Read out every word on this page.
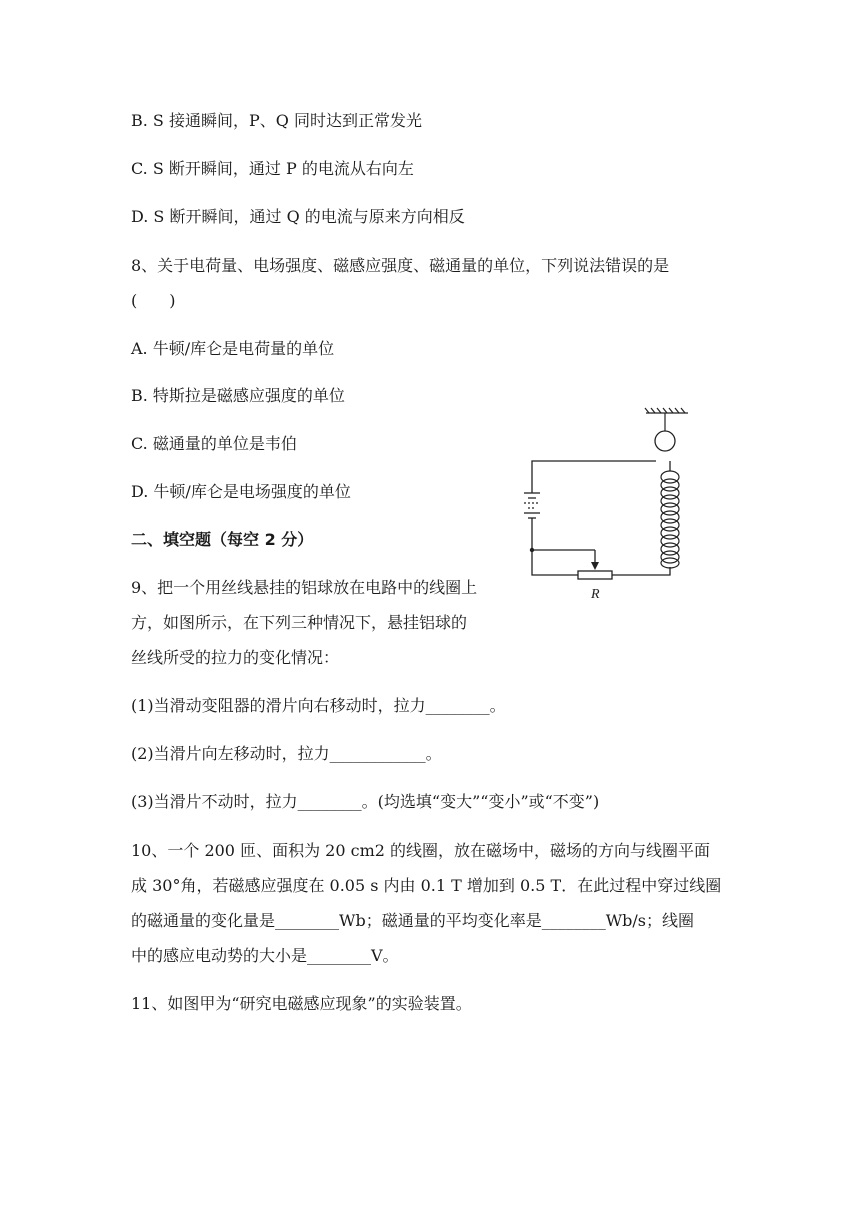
B. S 接通瞬间，P、Q 同时达到正常发光
C. S 断开瞬间，通过 P 的电流从右向左
D. S 断开瞬间，通过 Q 的电流与原来方向相反
8、关于电荷量、电场强度、磁感应强度、磁通量的单位，下列说法错误的是
(　　)
A. 牛顿/库仑是电荷量的单位
B. 特斯拉是磁感应强度的单位
C. 磁通量的单位是韦伯
D. 牛顿/库仑是电场强度的单位
二、填空题（每空 2 分）
9、把一个用丝线悬挂的铝球放在电路中的线圈上
方，如图所示，在下列三种情况下，悬挂铝球的
丝线所受的拉力的变化情况：
(1)当滑动变阻器的滑片向右移动时，拉力________。
(2)当滑片向左移动时，拉力____________。
(3)当滑片不动时，拉力________。(均选填“变大”“变小”或“不变”)
10、一个 200 匝、面积为 20 cm2 的线圈，放在磁场中，磁场的方向与线圈平面
成 30°角，若磁感应强度在 0.05 s 内由 0.1 T 增加到 0.5 T．在此过程中穿过线圈
的磁通量的变化量是________Wb；磁通量的平均变化率是________Wb/s；线圈
中的感应电动势的大小是________V。
11、如图甲为“研究电磁感应现象”的实验装置。
R
